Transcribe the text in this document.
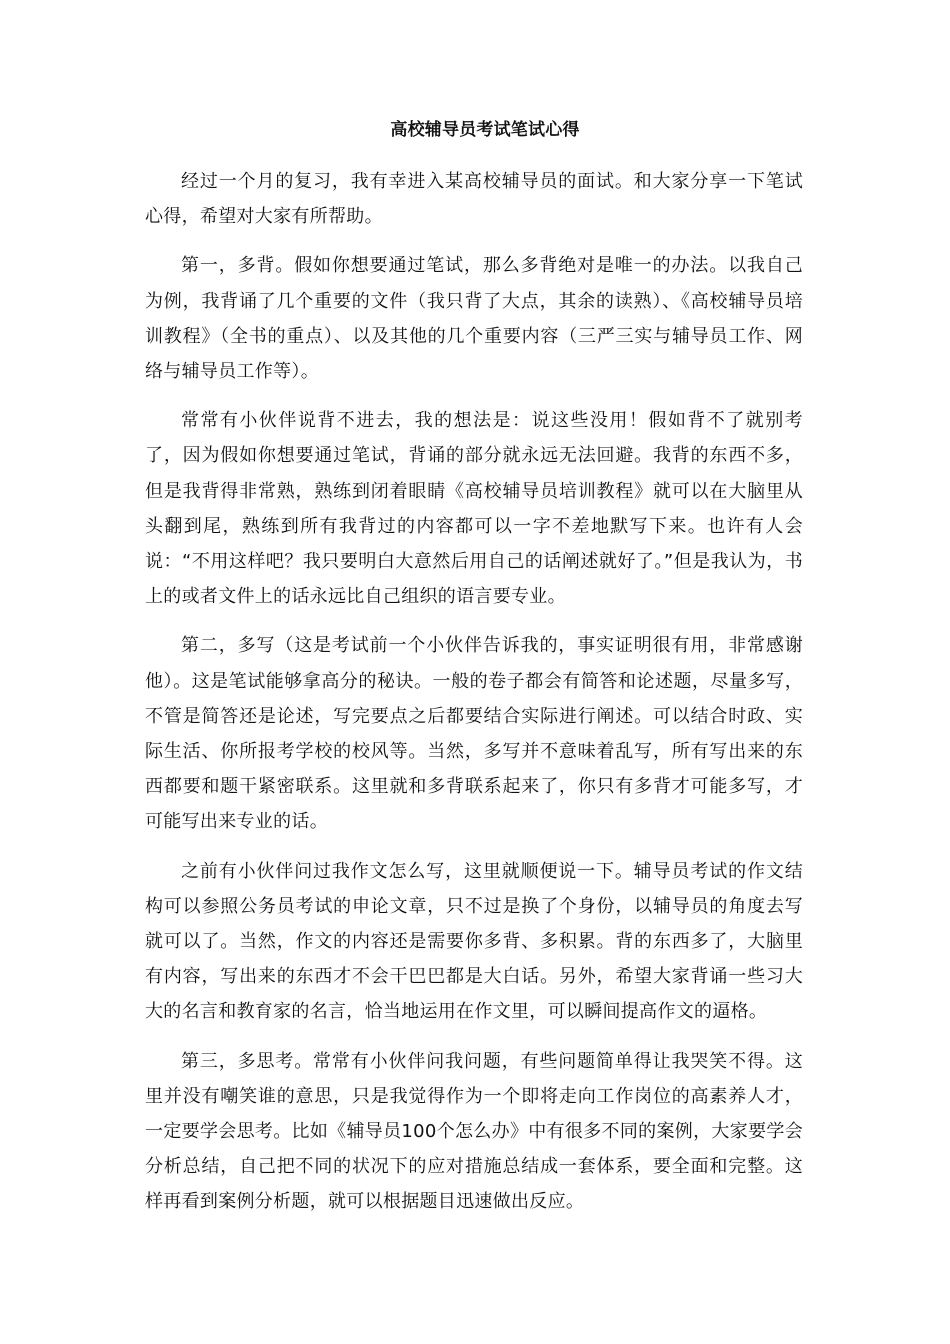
高校辅导员考试笔试心得

经过一个月的复习，我有幸进入某高校辅导员的面试。和大家分享一下笔试心得，希望对大家有所帮助。

第一，多背。假如你想要通过笔试，那么多背绝对是唯一的办法。以我自己为例，我背诵了几个重要的文件（我只背了大点，其余的读熟）、《高校辅导员培训教程》（全书的重点）、以及其他的几个重要内容（三严三实与辅导员工作、网络与辅导员工作等）。

常常有小伙伴说背不进去，我的想法是：说这些没用！假如背不了就别考了，因为假如你想要通过笔试，背诵的部分就永远无法回避。我背的东西不多，但是我背得非常熟，熟练到闭着眼睛《高校辅导员培训教程》就可以在大脑里从头翻到尾，熟练到所有我背过的内容都可以一字不差地默写下来。也许有人会说：“不用这样吧？我只要明白大意然后用自己的话阐述就好了。”但是我认为，书上的或者文件上的话永远比自己组织的语言要专业。

第二，多写（这是考试前一个小伙伴告诉我的，事实证明很有用，非常感谢他）。这是笔试能够拿高分的秘诀。一般的卷子都会有简答和论述题，尽量多写，不管是简答还是论述，写完要点之后都要结合实际进行阐述。可以结合时政、实际生活、你所报考学校的校风等。当然，多写并不意味着乱写，所有写出来的东西都要和题干紧密联系。这里就和多背联系起来了，你只有多背才可能多写，才可能写出来专业的话。

之前有小伙伴问过我作文怎么写，这里就顺便说一下。辅导员考试的作文结构可以参照公务员考试的申论文章，只不过是换了个身份，以辅导员的角度去写就可以了。当然，作文的内容还是需要你多背、多积累。背的东西多了，大脑里有内容，写出来的东西才不会干巴巴都是大白话。另外，希望大家背诵一些习大大的名言和教育家的名言，恰当地运用在作文里，可以瞬间提高作文的逼格。

第三，多思考。常常有小伙伴问我问题，有些问题简单得让我哭笑不得。这里并没有嘲笑谁的意思，只是我觉得作为一个即将走向工作岗位的高素养人才，一定要学会思考。比如《辅导员100个怎么办》中有很多不同的案例，大家要学会分析总结，自己把不同的状况下的应对措施总结成一套体系，要全面和完整。这样再看到案例分析题，就可以根据题目迅速做出反应。
